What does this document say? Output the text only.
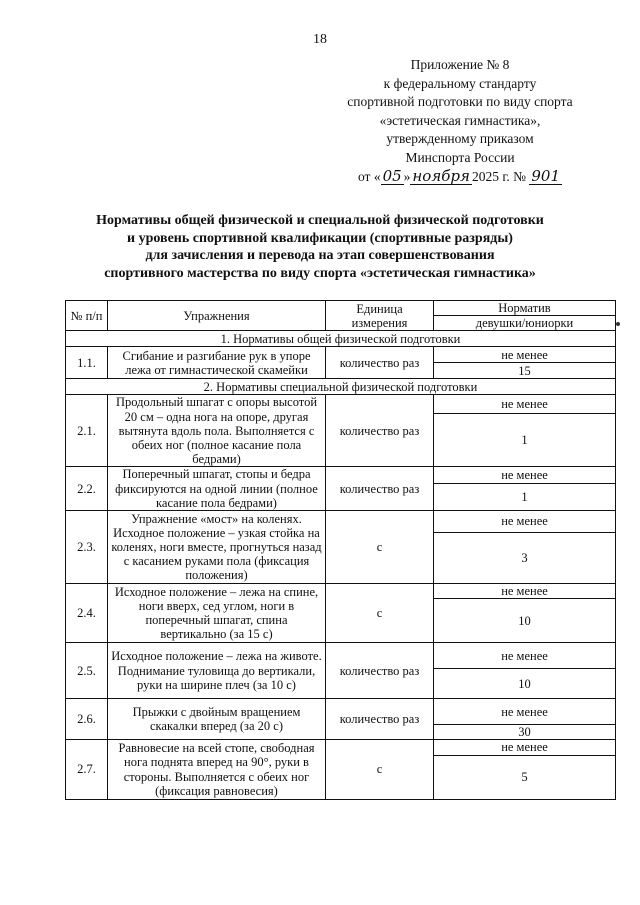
18
Приложение № 8
к федеральному стандарту
спортивной подготовки по виду спорта
«эстетическая гимнастика»,
утвержденному приказом
Минспорта России
от « 05 » ноября 2025 г. № 901
Нормативы общей физической и специальной физической подготовки
и уровень спортивной квалификации (спортивные разряды)
для зачисления и перевода на этап совершенствования
спортивного мастерства по виду спорта «эстетическая гимнастика»
№ п/п	Упражнения	Единица измерения	Норматив
			девушки/юниорки
1. Нормативы общей физической подготовки			
1.1.	Сгибание и разгибание рук в упоре лежа от гимнастической скамейки	количество раз	не менее
			15
2. Нормативы специальной физической подготовки			
2.1.	Продольный шпагат с опоры высотой 20 см – одна нога на опоре, другая вытянута вдоль пола. Выполняется с обеих ног (полное касание пола бедрами)	количество раз	не менее
			1
2.2.	Поперечный шпагат, стопы и бедра фиксируются на одной линии (полное касание пола бедрами)	количество раз	не менее
			1
2.3.	Упражнение «мост» на коленях. Исходное положение – узкая стойка на коленях, ноги вместе, прогнуться назад с касанием руками пола (фиксация положения)	с	не менее
			3
2.4.	Исходное положение – лежа на спине, ноги вверх, сед углом, ноги в поперечный шпагат, спина вертикально (за 15 с)	с	не менее
			10
2.5.	Исходное положение – лежа на животе. Поднимание туловища до вертикали, руки на ширине плеч (за 10 с)	количество раз	не менее
			10
2.6.	Прыжки с двойным вращением скакалки вперед (за 20 с)	количество раз	не менее
			30
2.7.	Равновесие на всей стопе, свободная нога поднята вперед на 90°, руки в стороны. Выполняется с обеих ног (фиксация равновесия)	с	не менее
			5
